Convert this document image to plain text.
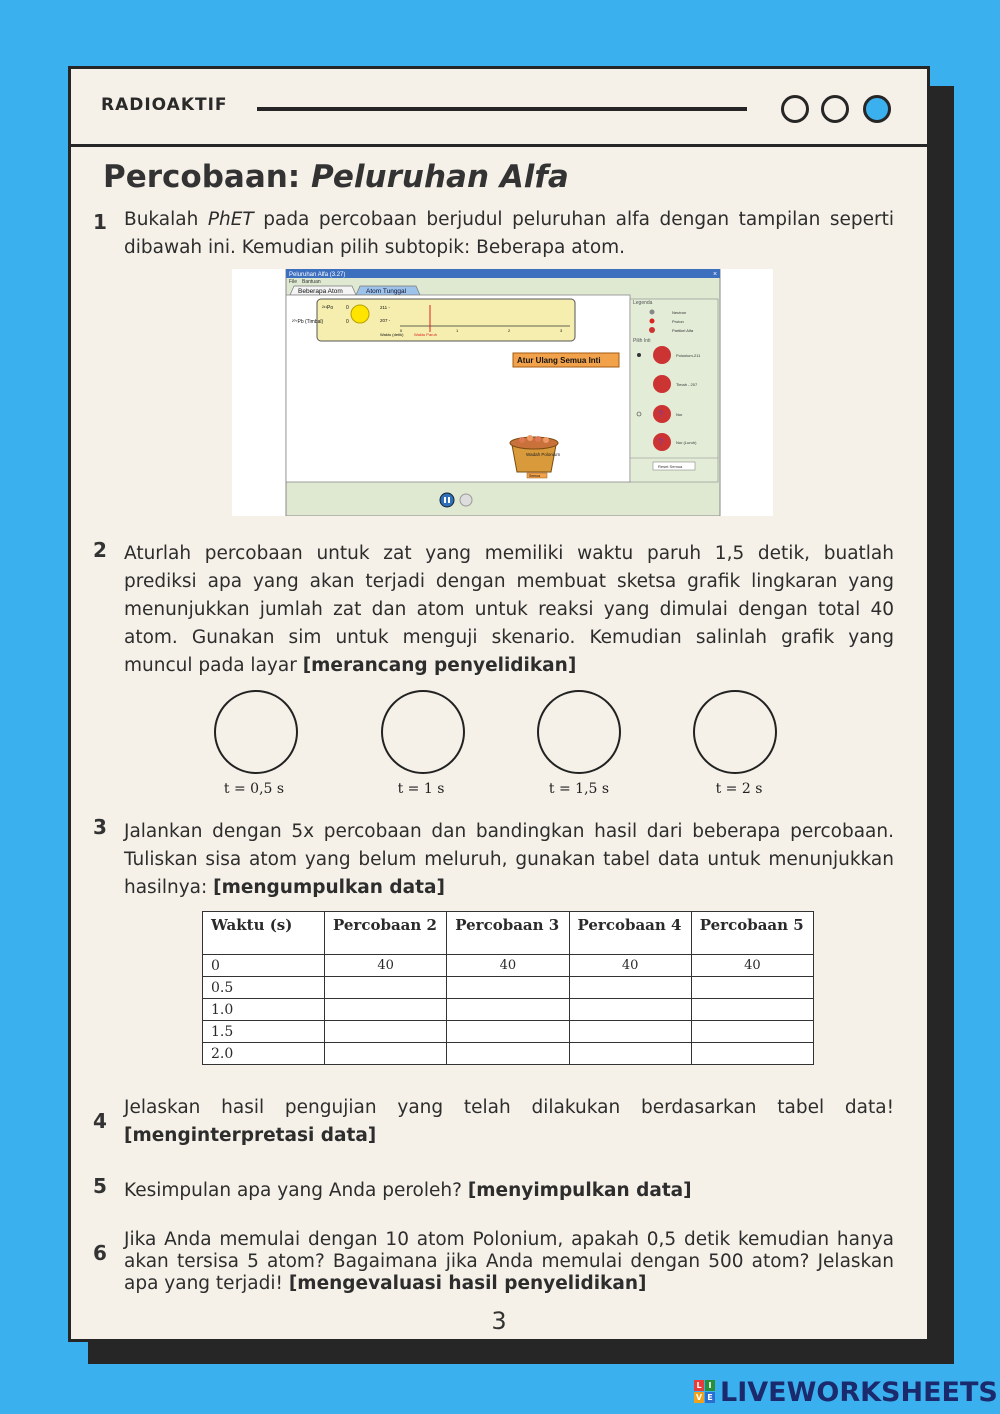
RADIOAKTIF
Percobaan: Peluruhan Alfa
1 Bukalah PhET pada percobaan berjudul peluruhan alfa dengan tampilan seperti dibawah ini. Kemudian pilih subtopik: Beberapa atom.
Peluruhan Alfa (3.27)	×
File Bantuan
Beberapa Atom	Atom Tunggal
²¹¹Po	0
²⁰⁷Pb (Timbal)	0
211 -
207 -
0	1	2	3
Waktu (detik)	Waktu Paruh
Atur Ulang Semua Inti
Wadah Polonium
Semua
Legenda
Neutron
Proton
Partikel Alfa
Pilih Inti
Polonium-211
Timah - 207
?	Nur
?	Nur (Luruh)
Reset Semua
2 Aturlah percobaan untuk zat yang memiliki waktu paruh 1,5 detik, buatlah prediksi apa yang akan terjadi dengan membuat sketsa grafik lingkaran yang menunjukkan jumlah zat dan atom untuk reaksi yang dimulai dengan total 40 atom. Gunakan sim untuk menguji skenario. Kemudian salinlah grafik yang muncul pada layar [merancang penyelidikan]
t = 0,5 s	t = 1 s	t = 1,5 s	t = 2 s
3 Jalankan dengan 5x percobaan dan bandingkan hasil dari beberapa percobaan. Tuliskan sisa atom yang belum meluruh, gunakan tabel data untuk menunjukkan hasilnya: [mengumpulkan data]
Waktu (s)	Percobaan 2	Percobaan 3	Percobaan 4	Percobaan 5
0	40	40	40	40
0.5				
1.0				
1.5				
2.0				
4
Jelaskan hasil pengujian yang telah dilakukan berdasarkan tabel data! [menginterpretasi data]
5 Kesimpulan apa yang Anda peroleh? [menyimpulkan data]
6
Jika Anda memulai dengan 10 atom Polonium, apakah 0,5 detik kemudian hanya akan tersisa 5 atom? Bagaimana jika Anda memulai dengan 500 atom? Jelaskan apa yang terjadi! [mengevaluasi hasil penyelidikan]
3
L I
V E LIVEWORKSHEETS
